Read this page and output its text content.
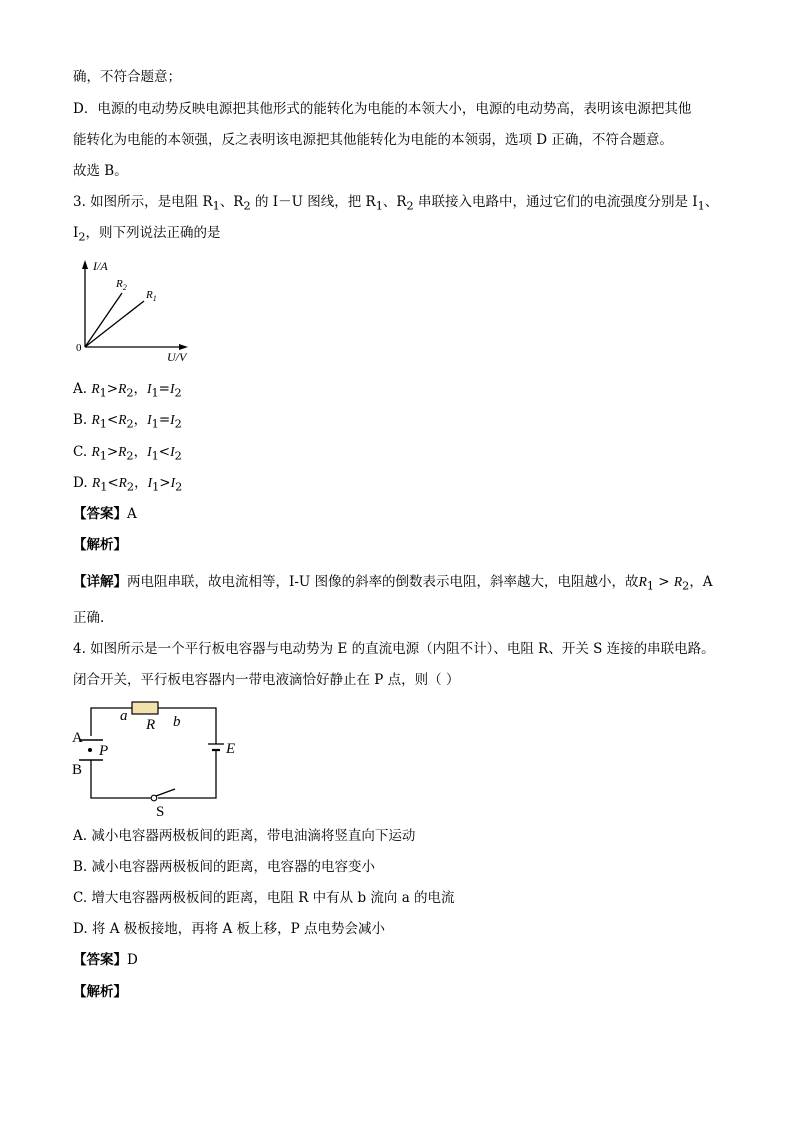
确，不符合题意；
D．电源的电动势反映电源把其他形式的能转化为电能的本领大小，电源的电动势高，表明该电源把其他
能转化为电能的本领强，反之表明该电源把其他能转化为电能的本领弱，选项 D 正确，不符合题意。
故选 B。
3. 如图所示，是电阻 $R_1$、$R_2$ 的 I－U 图线，把 $R_1$、$R_2$ 串联接入电路中，通过它们的电流强度分别是 $I_1$、
$I_2$，则下列说法正确的是
I/A
U/V
0
$R_2$
$R_1$
A. $R_1>R_2$，$I_1=I_2$
B. $R_1<R_2$，$I_1=I_2$
C. $R_1>R_2$，$I_1<I_2$
D. $R_1<R_2$，$I_1>I_2$
【答案】A
【解析】
【详解】两电阻串联，故电流相等，I-U 图像的斜率的倒数表示电阻，斜率越大，电阻越小，故$R_1 > R_2$，A
正确.
4. 如图所示是一个平行板电容器与电动势为 E 的直流电源（内阻不计）、电阻 R、开关 S 连接的串联电路。
闭合开关，平行板电容器内一带电液滴恰好静止在 P 点，则（ ）
a
R b
A
B
P	E
S
A. 减小电容器两极板间的距离，带电油滴将竖直向下运动
B. 减小电容器两极板间的距离，电容器的电容变小
C. 增大电容器两极板间的距离，电阻 R 中有从 b 流向 a 的电流
D. 将 A 极板接地，再将 A 板上移，P 点电势会减小
【答案】D
【解析】
